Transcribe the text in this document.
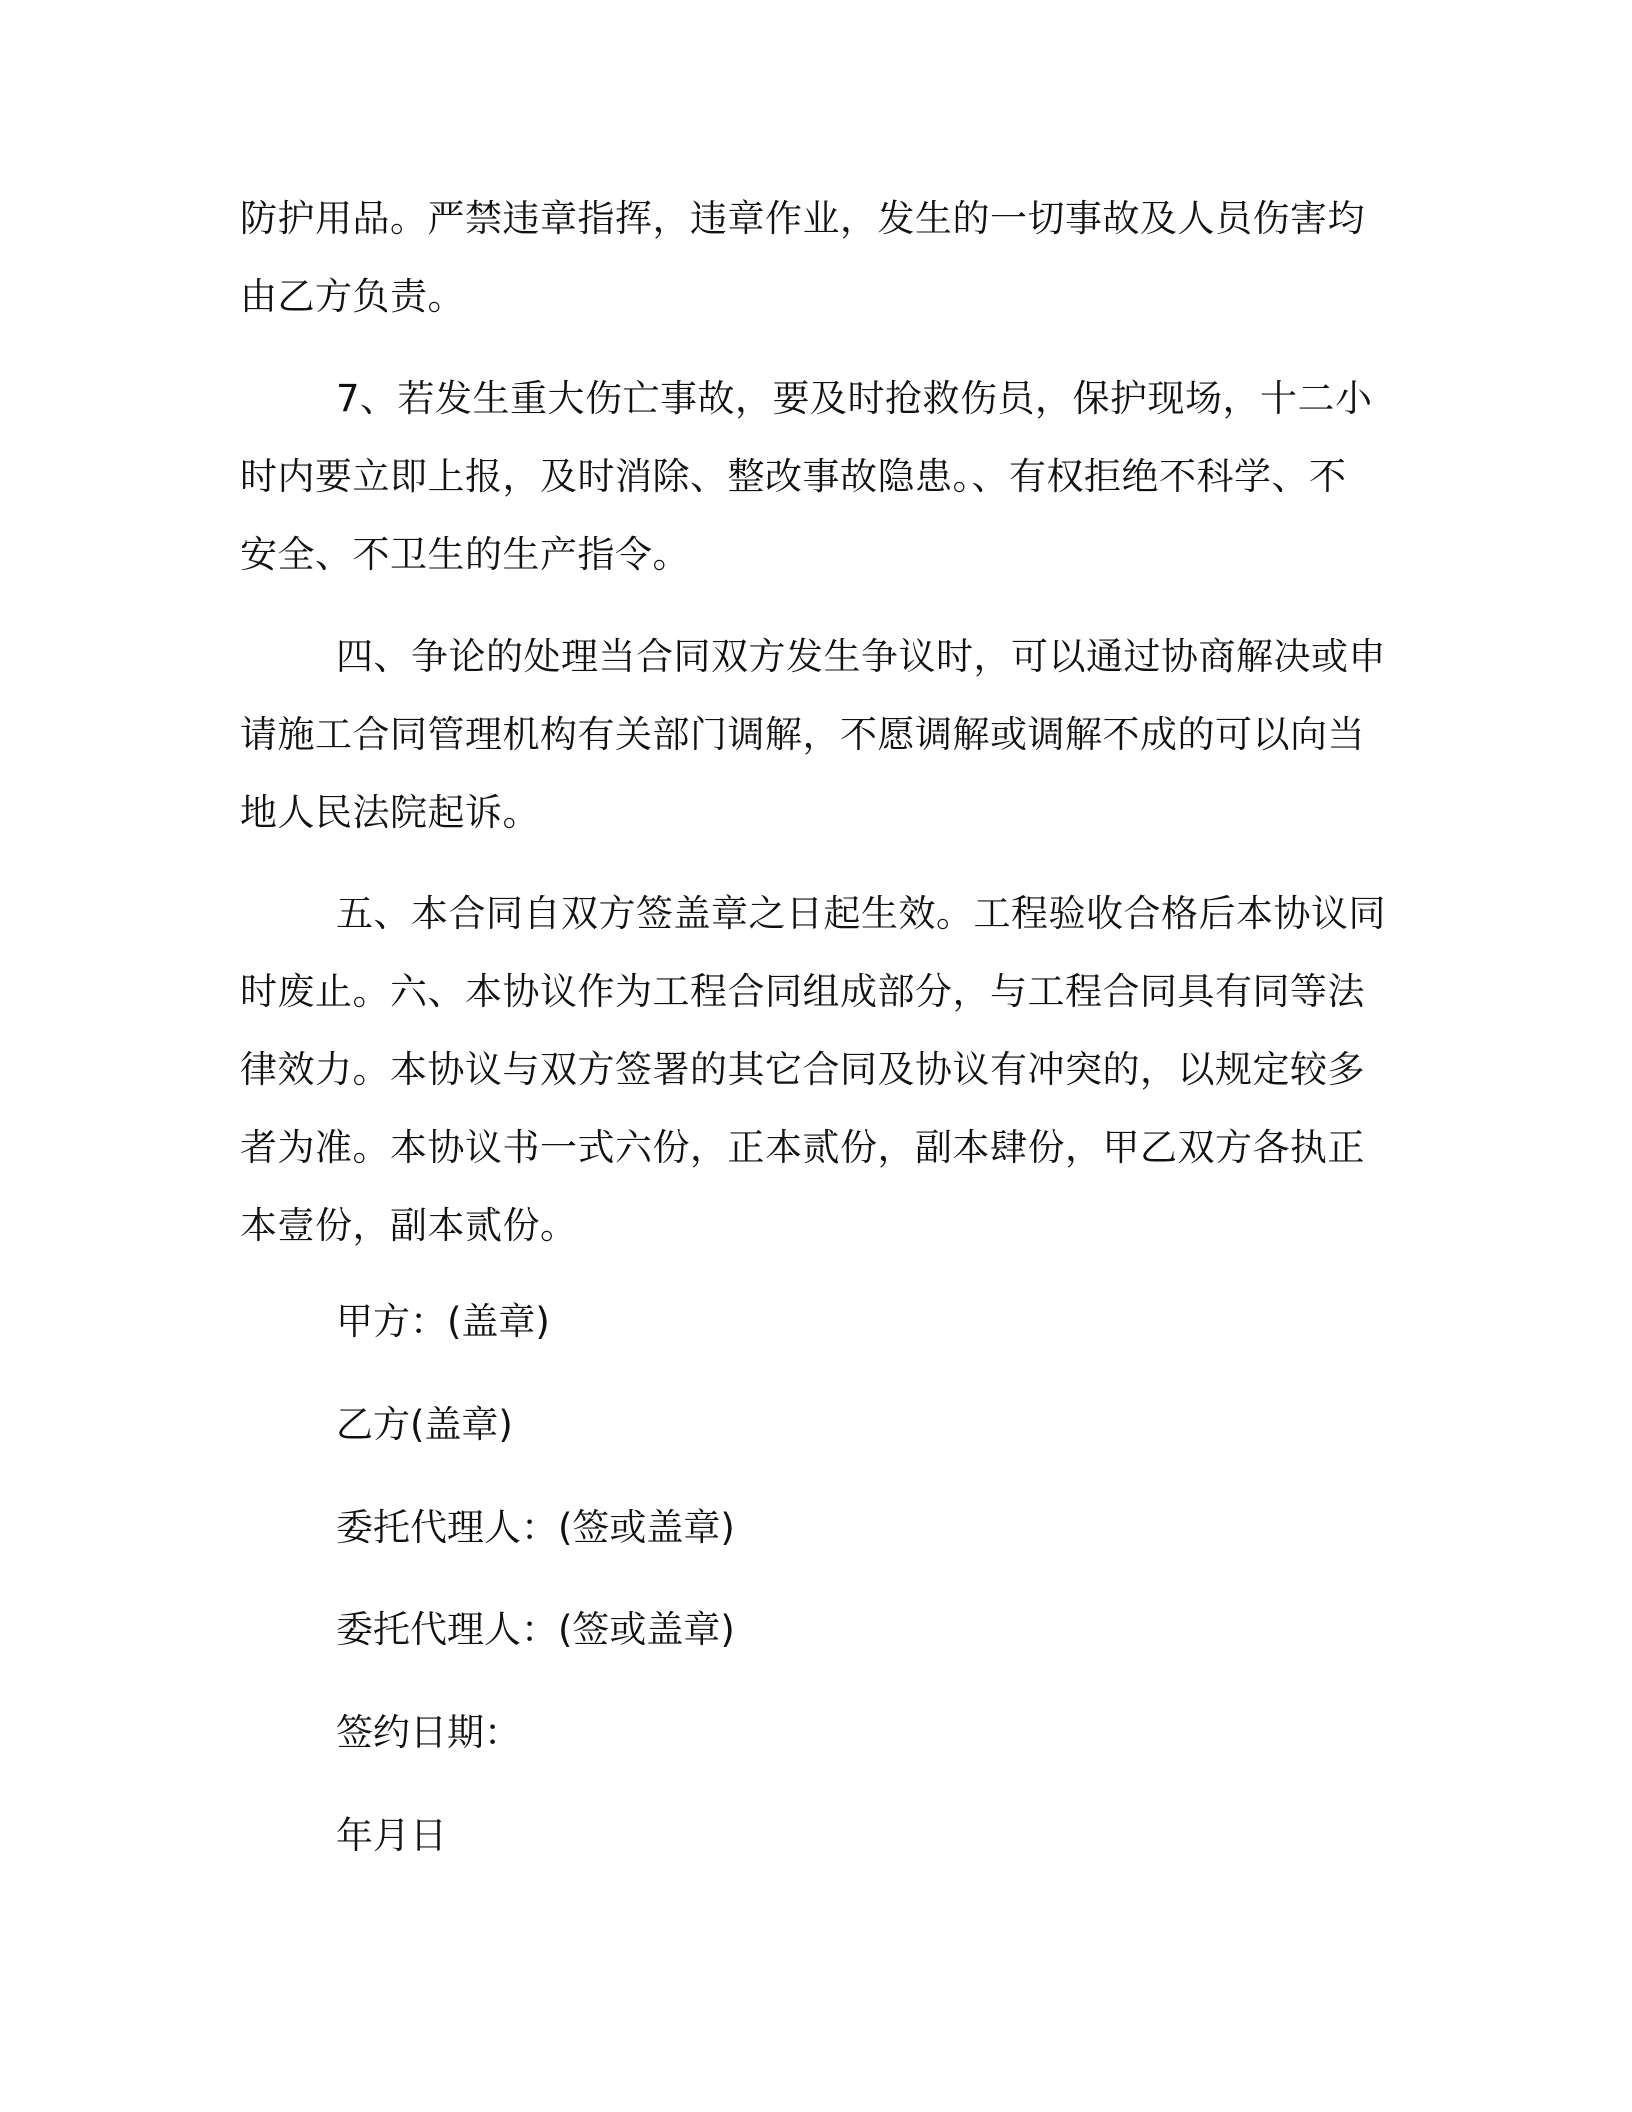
防护用品。严禁违章指挥，违章作业，发生的一切事故及人员伤害均
由乙方负责。
7、若发生重大伤亡事故，要及时抢救伤员，保护现场，十二小
时内要立即上报，及时消除、整改事故隐患。、有权拒绝不科学、不
安全、不卫生的生产指令。
四、争论的处理当合同双方发生争议时，可以通过协商解决或申
请施工合同管理机构有关部门调解，不愿调解或调解不成的可以向当
地人民法院起诉。
五、本合同自双方签盖章之日起生效。工程验收合格后本协议同
时废止。六、本协议作为工程合同组成部分，与工程合同具有同等法
律效力。本协议与双方签署的其它合同及协议有冲突的，以规定较多
者为准。本协议书一式六份，正本贰份，副本肆份，甲乙双方各执正
本壹份，副本贰份。
甲方：(盖章)
乙方(盖章)
委托代理人：(签或盖章)
委托代理人：(签或盖章)
签约日期：
年月日
